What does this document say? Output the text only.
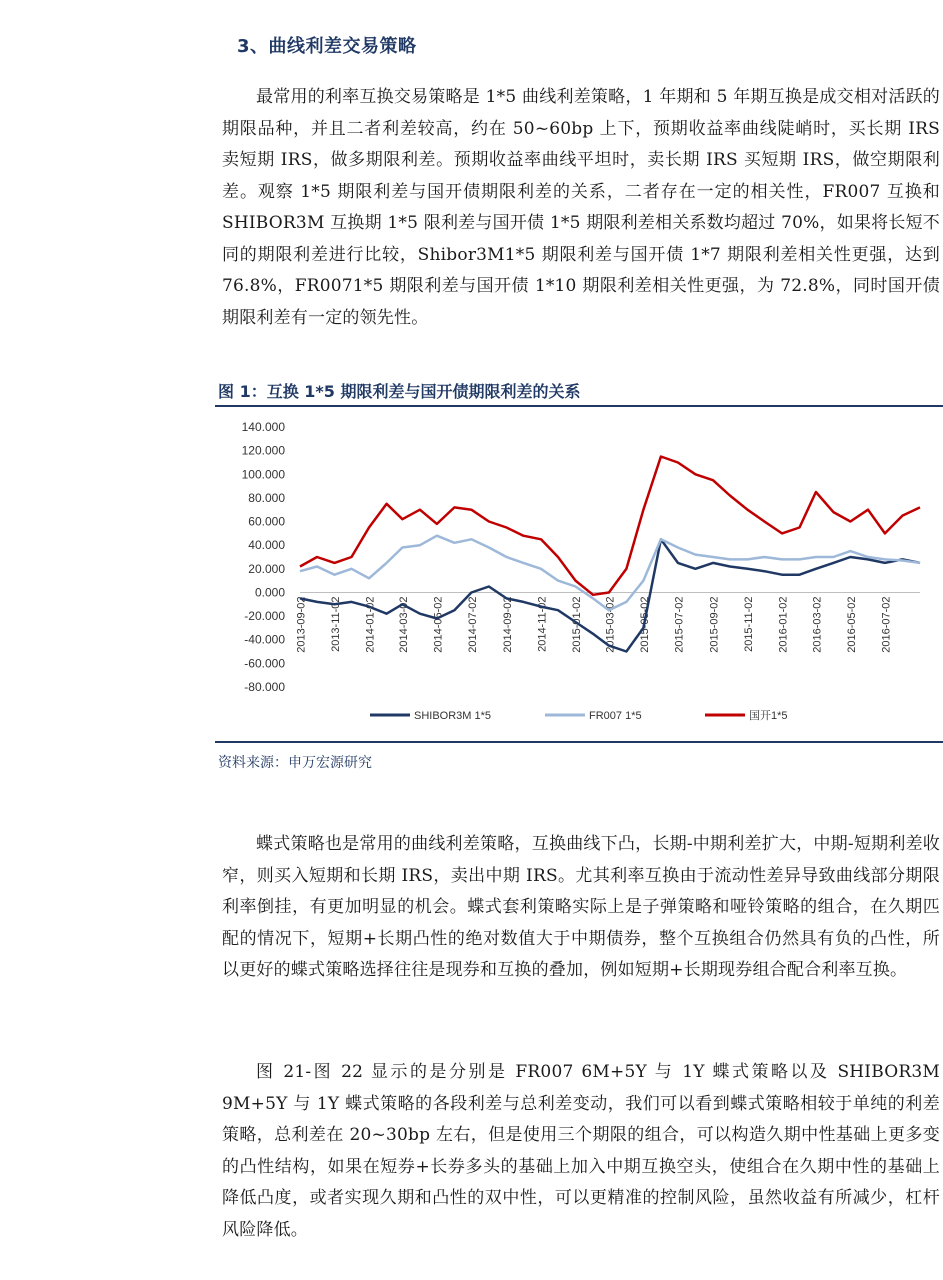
3、曲线利差交易策略

最常用的利率互换交易策略是 1*5 曲线利差策略，1 年期和 5 年期互换是成交相对活跃的期限品种，并且二者利差较高，约在 50~60bp 上下，预期收益率曲线陡峭时，买长期 IRS 卖短期 IRS，做多期限利差。预期收益率曲线平坦时，卖长期 IRS 买短期 IRS，做空期限利差。观察 1*5 期限利差与国开债期限利差的关系，二者存在一定的相关性，FR007 互换和 SHIBOR3M 互换期 1*5 限利差与国开债 1*5 期限利差相关系数均超过 70%，如果将长短不同的期限利差进行比较，Shibor3M1*5 期限利差与国开债 1*7 期限利差相关性更强，达到 76.8%，FR0071*5 期限利差与国开债 1*10 期限利差相关性更强，为 72.8%，同时国开债期限利差有一定的领先性。

图 1：互换 1*5 期限利差与国开债期限利差的关系
140.000
120.000
100.000
80.000
60.000
40.000
20.000
0.000
-20.000
-40.000
-60.000
-80.000
2013-09-02 2013-11-02 2014-01-02 2014-03-02 2014-05-02 2014-07-02 2014-09-02 2014-11-02 2015-01-02 2015-03-02 2015-05-02 2015-07-02 2015-09-02 2015-11-02 2016-01-02 2016-03-02 2016-05-02 2016-07-02
SHIBOR3M 1*5	FR007 1*5	国开1*5
资料来源：申万宏源研究

蝶式策略也是常用的曲线利差策略，互换曲线下凸，长期-中期利差扩大，中期-短期利差收窄，则买入短期和长期 IRS，卖出中期 IRS。尤其利率互换由于流动性差异导致曲线部分期限利率倒挂，有更加明显的机会。蝶式套利策略实际上是子弹策略和哑铃策略的组合，在久期匹配的情况下，短期+长期凸性的绝对数值大于中期债券，整个互换组合仍然具有负的凸性，所以更好的蝶式策略选择往往是现券和互换的叠加，例如短期+长期现券组合配合利率互换。

图 21-图 22 显示的是分别是 FR007 6M+5Y 与 1Y 蝶式策略以及 SHIBOR3M 9M+5Y 与 1Y 蝶式策略的各段利差与总利差变动，我们可以看到蝶式策略相较于单纯的利差策略，总利差在 20~30bp 左右，但是使用三个期限的组合，可以构造久期中性基础上更多变的凸性结构，如果在短券+长券多头的基础上加入中期互换空头，使组合在久期中性的基础上降低凸度，或者实现久期和凸性的双中性，可以更精准的控制风险，虽然收益有所减少，杠杆风险降低。
